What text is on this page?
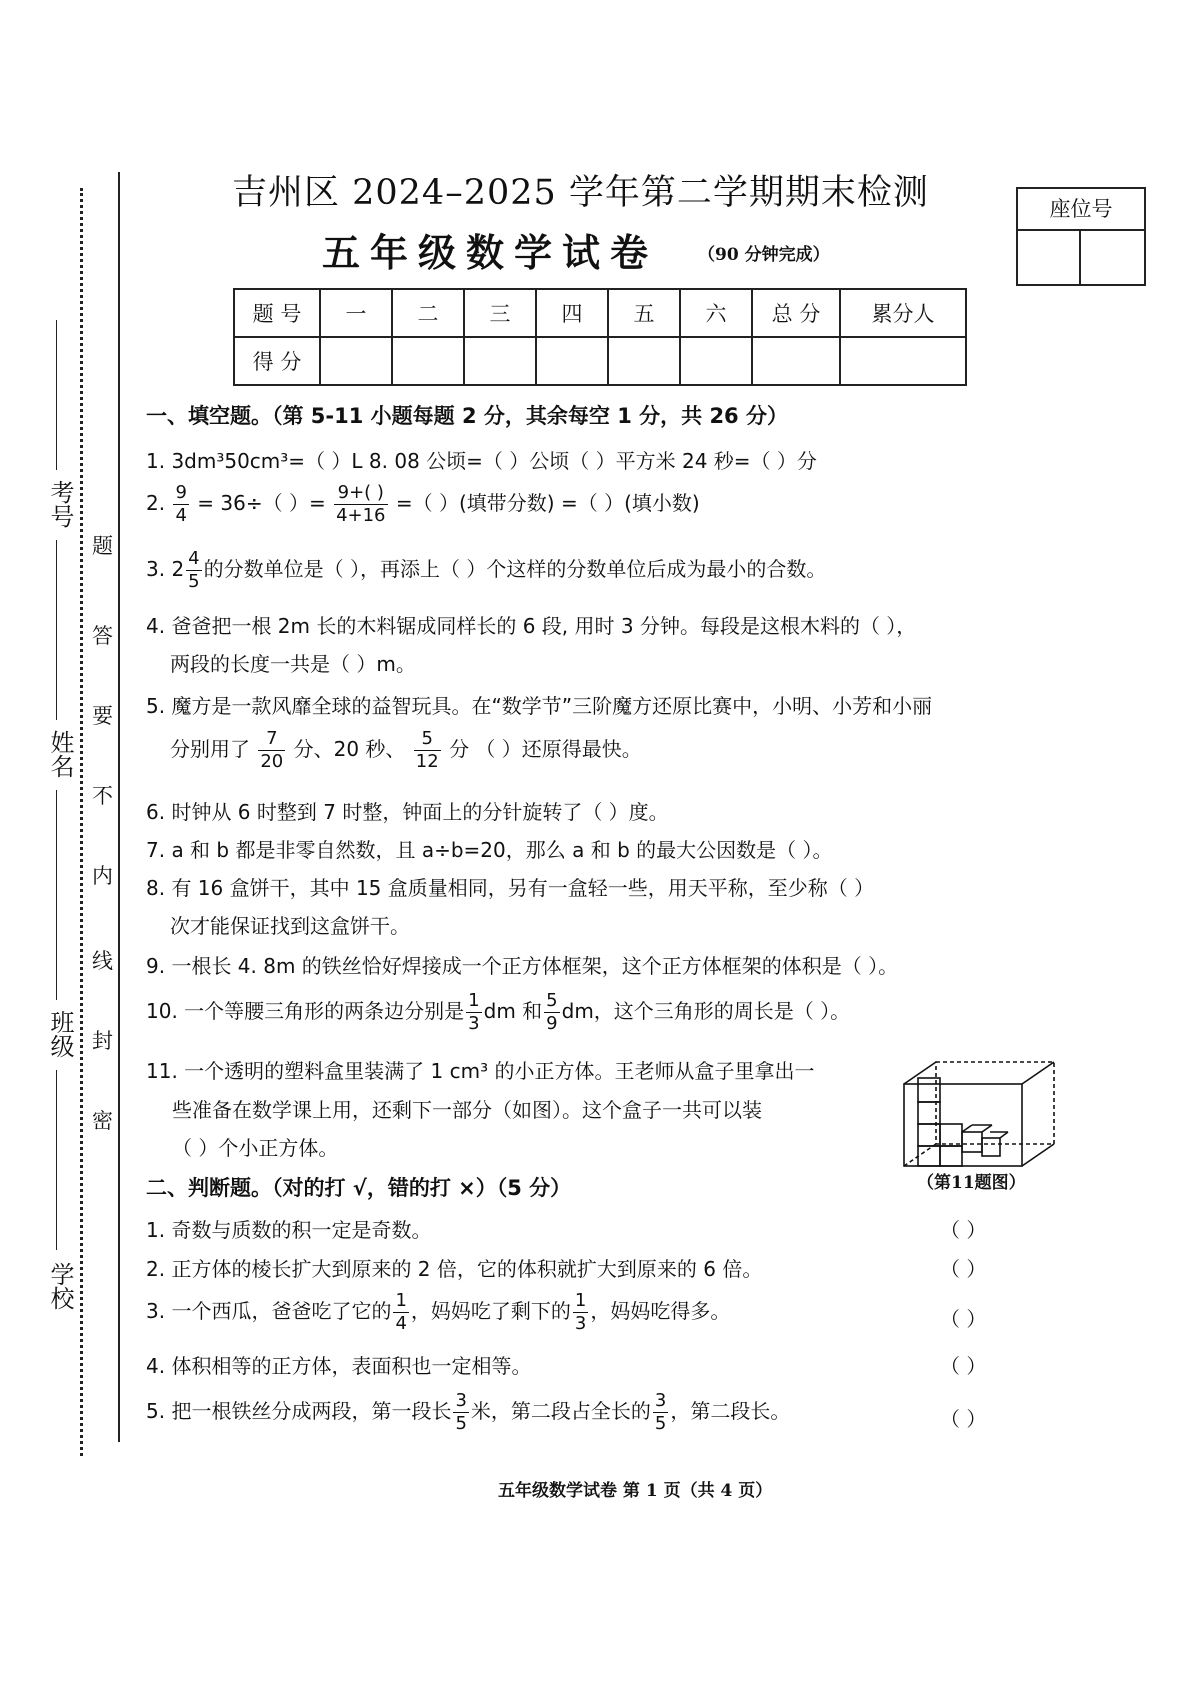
考号
姓名
班级
学校
题
答
要
不
内
线
封
密
吉州区 2024–2025 学年第二学期期末检测
五年级数学试卷 （90 分钟完成）
座位号
题 号	一	二	三	四	五	六	总 分	累分人
得 分								
一、填空题。（第 5-11 小题每题 2 分，其余每空 1 分，共 26 分）
1. 3dm³50cm³=（ ）L 8. 08 公顷=（ ）公顷（ ）平方米 24 秒=（ ）分
2. $\frac{9}{4} = 36\div$（ ）= $\frac{9+( )}{4+16}$ =（ ）(填带分数) =（ ）(填小数)
3. $2 \frac{4}{5}$ 的分数单位是（ ），再添上（ ）个这样的分数单位后成为最小的合数。
4. 爸爸把一根 2m 长的木料锯成同样长的 6 段, 用时 3 分钟。每段是这根木料的（ ），
两段的长度一共是（ ）m。
5. 魔方是一款风靡全球的益智玩具。在“数学节”三阶魔方还原比赛中，小明、小芳和小丽
分别用了 $\frac{7}{20}$ 分、20 秒、 $\frac{5}{12}$ 分 （ ）还原得最快。
6. 时钟从 6 时整到 7 时整，钟面上的分针旋转了（ ）度。
7. a 和 b 都是非零自然数，且 a÷b=20，那么 a 和 b 的最大公因数是（ ）。
8. 有 16 盒饼干，其中 15 盒质量相同，另有一盒轻一些，用天平称，至少称（ ）
次才能保证找到这盒饼干。
9. 一根长 4. 8m 的铁丝恰好焊接成一个正方体框架，这个正方体框架的体积是（ ）。
10. 一个等腰三角形的两条边分别是 $\frac{1}{3}$ dm 和 $\frac{5}{9}$ dm，这个三角形的周长是（ ）。
11. 一个透明的塑料盒里装满了 1 cm³ 的小正方体。王老师从盒子里拿出一
些准备在数学课上用，还剩下一部分（如图）。这个盒子一共可以装
（ ）个小正方体。
（第11题图）
二、判断题。（对的打 √，错的打 ×）（5 分）
1. 奇数与质数的积一定是奇数。	（ ）
2. 正方体的棱长扩大到原来的 2 倍，它的体积就扩大到原来的 6 倍。	（ ）
3. 一个西瓜，爸爸吃了它的 $\frac{1}{4}$ ，妈妈吃了剩下的 $\frac{1}{3}$ ，妈妈吃得多。	（ ）
4. 体积相等的正方体，表面积也一定相等。	（ ）
5. 把一根铁丝分成两段，第一段长 $\frac{3}{5}$ 米，第二段占全长的 $\frac{3}{5}$ ，第二段长。	（ ）
五年级数学试卷 第 1 页（共 4 页）
